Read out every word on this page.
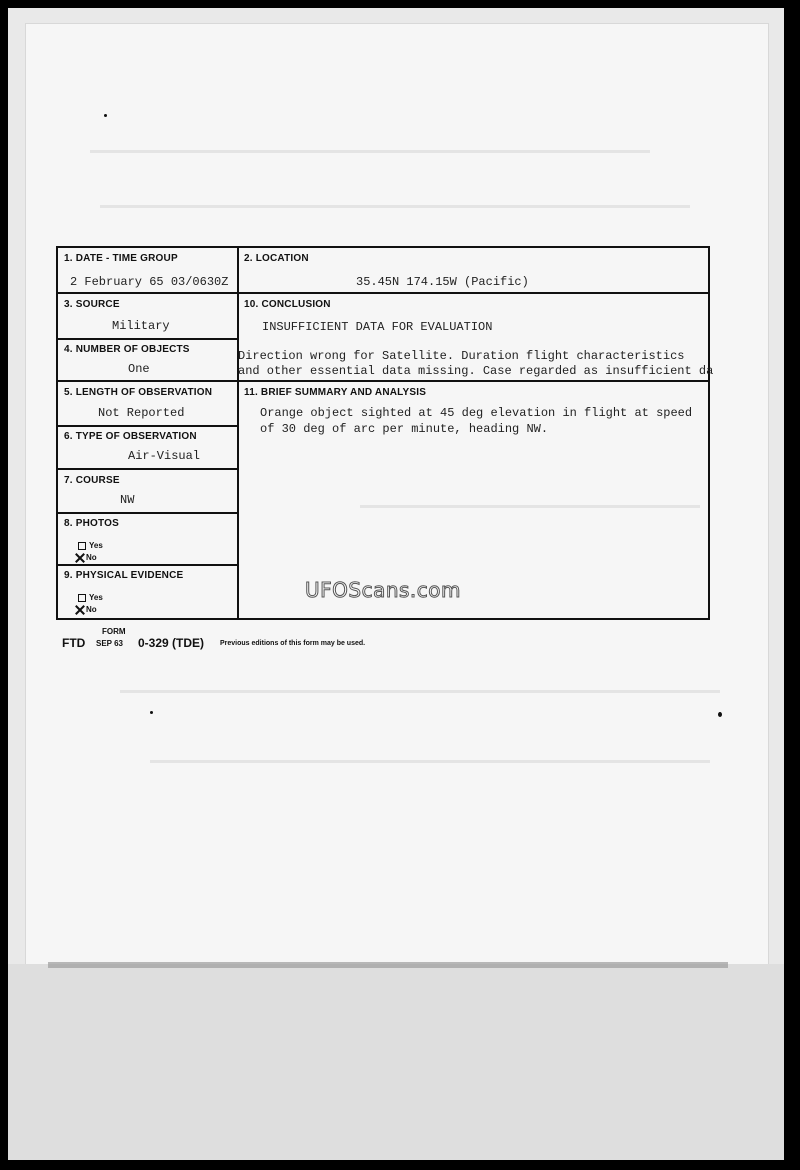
1. DATE - TIME GROUP
2 February 65 03/0630Z
2. LOCATION
35.45N 174.15W (Pacific)
3. SOURCE
Military
10. CONCLUSION
INSUFFICIENT DATA FOR EVALUATION
Direction wrong for Satellite. Duration flight characteristics
and other essential data missing. Case regarded as insufficient da
4. NUMBER OF OBJECTS
One
5. LENGTH OF OBSERVATION
Not Reported
11. BRIEF SUMMARY AND ANALYSIS
Orange object sighted at 45 deg elevation in flight at speed
of 30 deg of arc per minute, heading NW.
6. TYPE OF OBSERVATION
Air-Visual
7. COURSE
NW
8. PHOTOS
Yes
No
9. PHYSICAL EVIDENCE
Yes
No
FORM
FTD SEP 63 0-329 (TDE) Previous editions of this form may be used.
UFOScans.com
